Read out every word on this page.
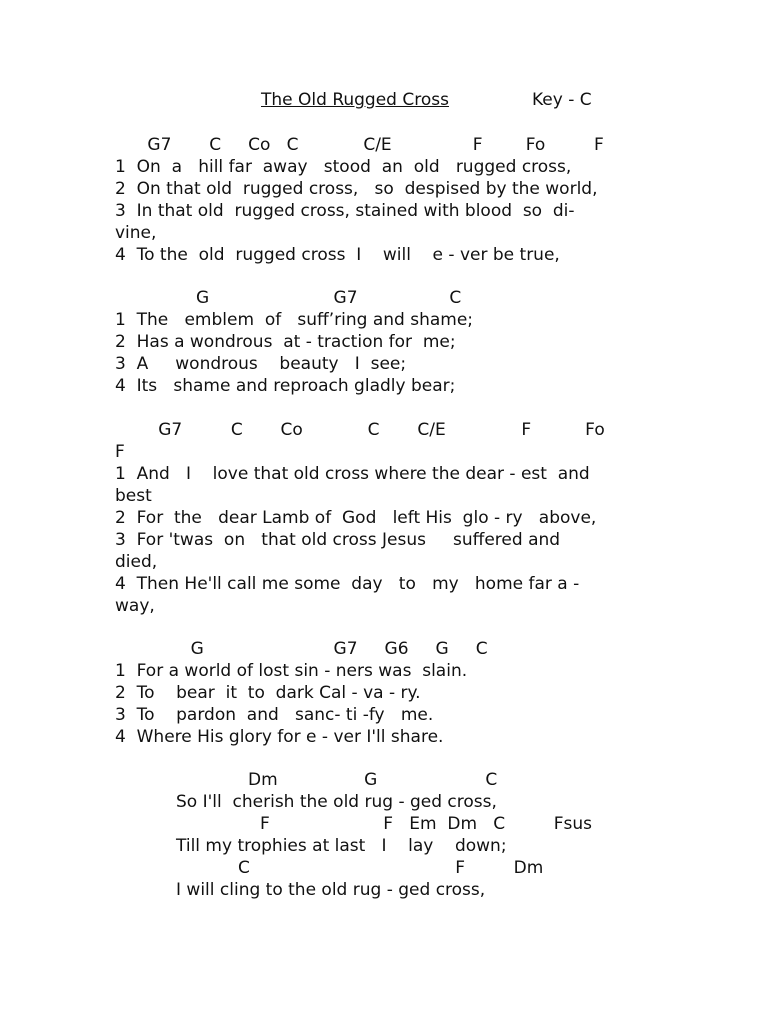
The Old Rugged Cross	Key - C
G7       C     Co   C            C/E               F        Fo         F
1  On  a   hill far  away   stood  an  old   rugged cross,
2  On that old  rugged cross,   so  despised by the world,
3  In that old  rugged cross, stained with blood  so  di-
vine,
4  To the  old  rugged cross  I    will    e - ver be true,
G                       G7                 C
1  The   emblem  of   suff’ring and shame;
2  Has a wondrous  at - traction for  me;
3  A     wondrous    beauty   I  see;
4  Its   shame and reproach gladly bear;
G7         C       Co            C       C/E              F          Fo
F
1  And   I    love that old cross where the dear - est  and
best
2  For  the   dear Lamb of  God   left His  glo - ry   above,
3  For 'twas  on   that old cross Jesus     suffered and
died,
4  Then He'll call me some  day   to   my   home far a -
way,
G                        G7     G6     G     C
1  For a world of lost sin - ners was  slain.
2  To    bear  it  to  dark Cal - va - ry.
3  To    pardon  and   sanc- ti -fy   me.
4  Where His glory for e - ver I'll share.
Dm                G                    C
So I'll  cherish the old rug - ged cross,
F                     F   Em  Dm   C         Fsus
Till my trophies at last   I    lay    down;
C                                      F         Dm
I will cling to the old rug - ged cross,
